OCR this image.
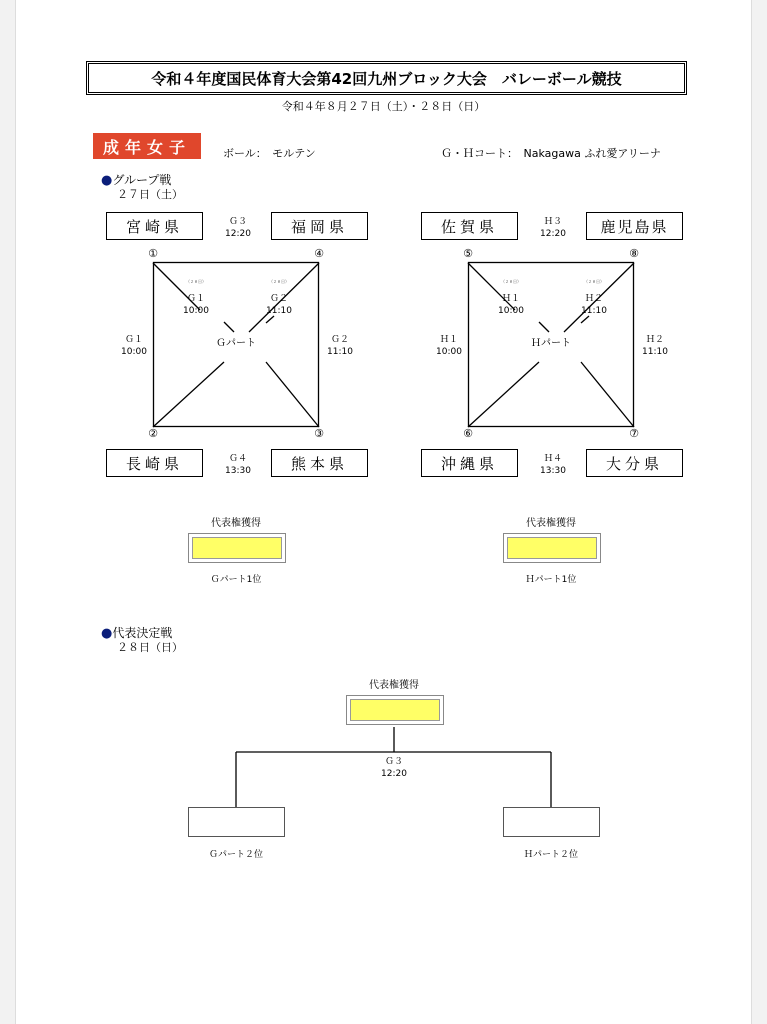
令和４年度国民体育大会第42回九州ブロック大会　バレーボール競技
令和４年８月２７日（土）・２８日（日）
成年女子	ボール：　モルテン	Ｇ・Ｈコート：　Nakagawa ふれ愛アリーナ
●グループ戦
２７日（土）
宮崎県	福岡県
長崎県	熊本県
Ｇ３
12:20
Ｇ４
13:30
Ｇ１
10:00
Ｇ２
11:10
（２８日）
Ｇ１
10:00
（２８日）
Ｇ２
11:10
Ｇパート
①	④
②	③
佐賀県	鹿児島県
沖縄県	大分県
Ｈ３
12:20
Ｈ４
13:30
Ｈ１
10:00
Ｈ２
11:10
（２８日）
Ｈ１
10:00
（２８日）
Ｈ２
11:10
Ｈパート
⑤	⑧
⑥	⑦
代表権獲得
Ｇパート1位
代表権獲得
Ｈパート1位
●代表決定戦
２８日（日）
代表権獲得
Ｇ３
12:20
Ｇパート２位	Ｈパート２位
